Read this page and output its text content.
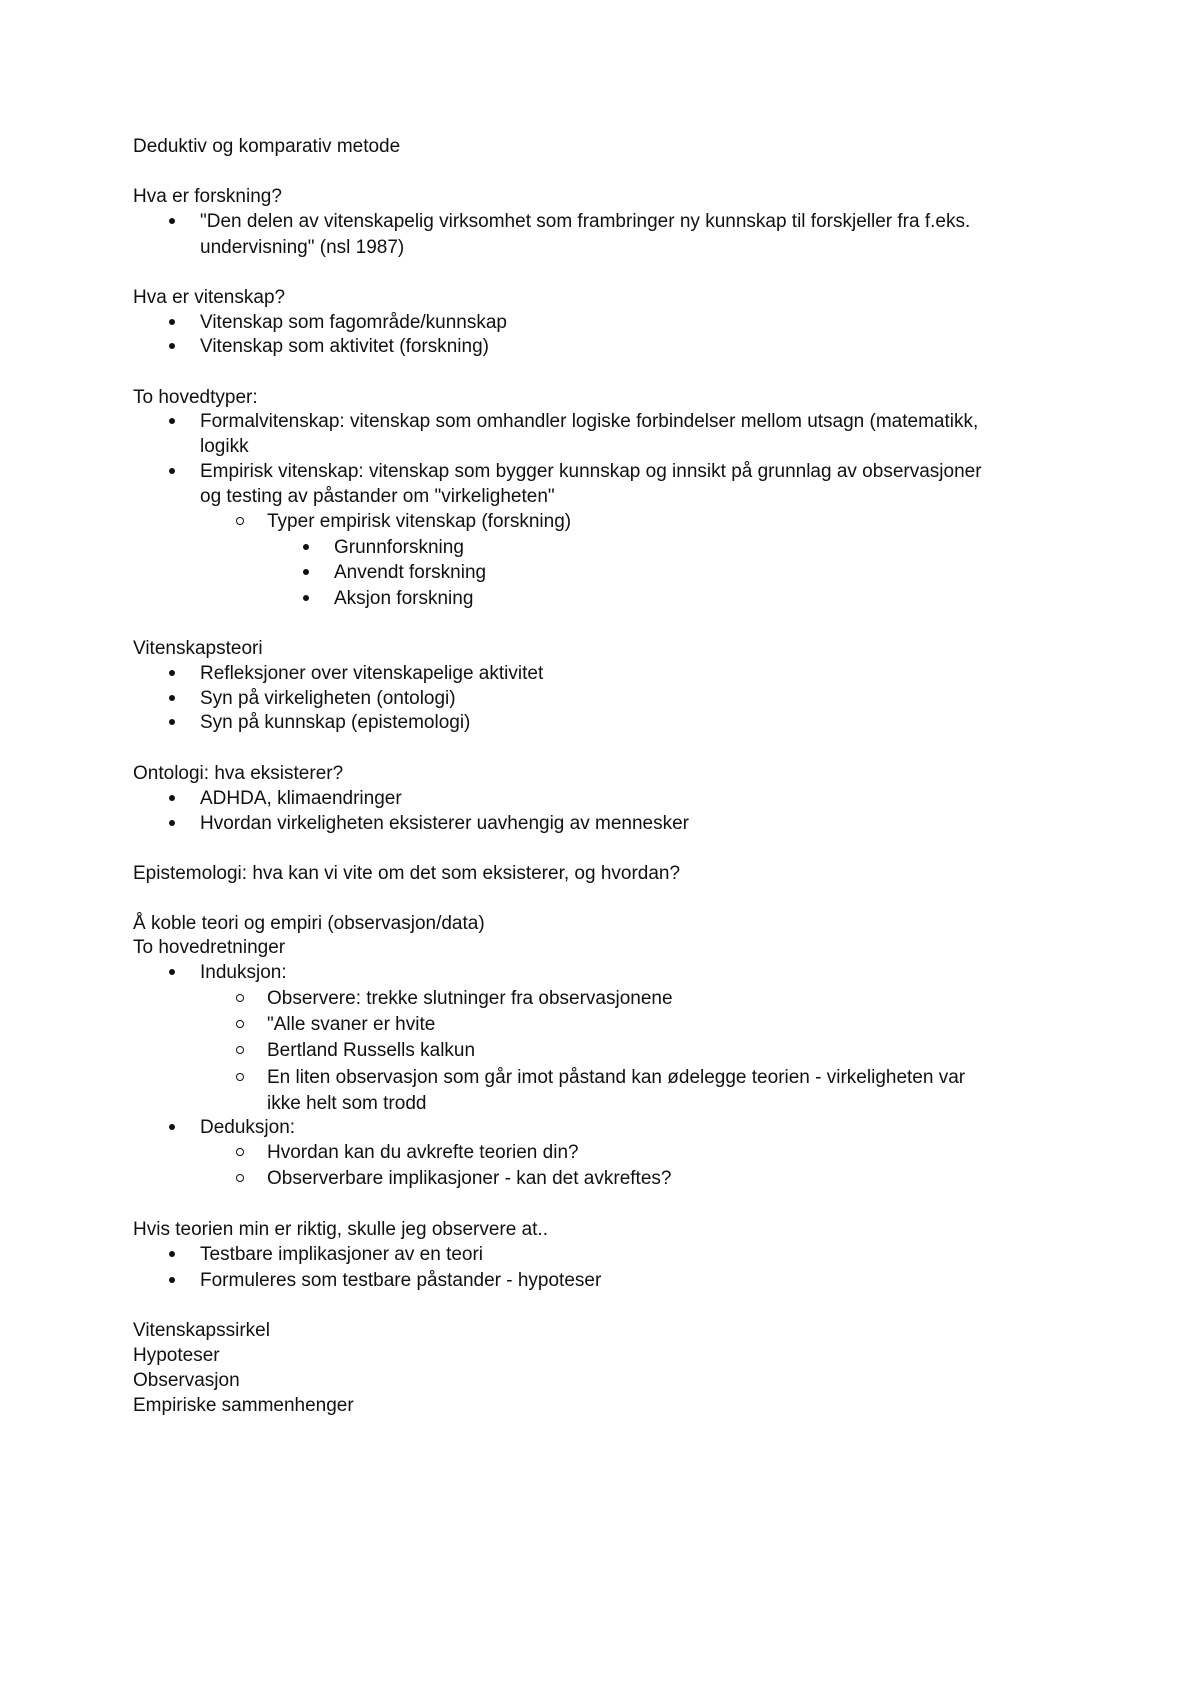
Deduktiv og komparativ metode
Hva er forskning?
"Den delen av vitenskapelig virksomhet som frambringer ny kunnskap til forskjeller fra f.eks.
undervisning" (nsl 1987)
Hva er vitenskap?
Vitenskap som fagområde/kunnskap
Vitenskap som aktivitet (forskning)
To hovedtyper:
Formalvitenskap: vitenskap som omhandler logiske forbindelser mellom utsagn (matematikk,
logikk
Empirisk vitenskap: vitenskap som bygger kunnskap og innsikt på grunnlag av observasjoner
og testing av påstander om "virkeligheten"
Typer empirisk vitenskap (forskning)
Grunnforskning
Anvendt forskning
Aksjon forskning
Vitenskapsteori
Refleksjoner over vitenskapelige aktivitet
Syn på virkeligheten (ontologi)
Syn på kunnskap (epistemologi)
Ontologi: hva eksisterer?
ADHDA, klimaendringer
Hvordan virkeligheten eksisterer uavhengig av mennesker
Epistemologi: hva kan vi vite om det som eksisterer, og hvordan?
Å koble teori og empiri (observasjon/data)
To hovedretninger
Induksjon:
Observere: trekke slutninger fra observasjonene
"Alle svaner er hvite
Bertland Russells kalkun
En liten observasjon som går imot påstand kan ødelegge teorien - virkeligheten var
ikke helt som trodd
Deduksjon:
Hvordan kan du avkrefte teorien din?
Observerbare implikasjoner - kan det avkreftes?
Hvis teorien min er riktig, skulle jeg observere at..
Testbare implikasjoner av en teori
Formuleres som testbare påstander - hypoteser
Vitenskapssirkel
Hypoteser
Observasjon
Empiriske sammenhenger
